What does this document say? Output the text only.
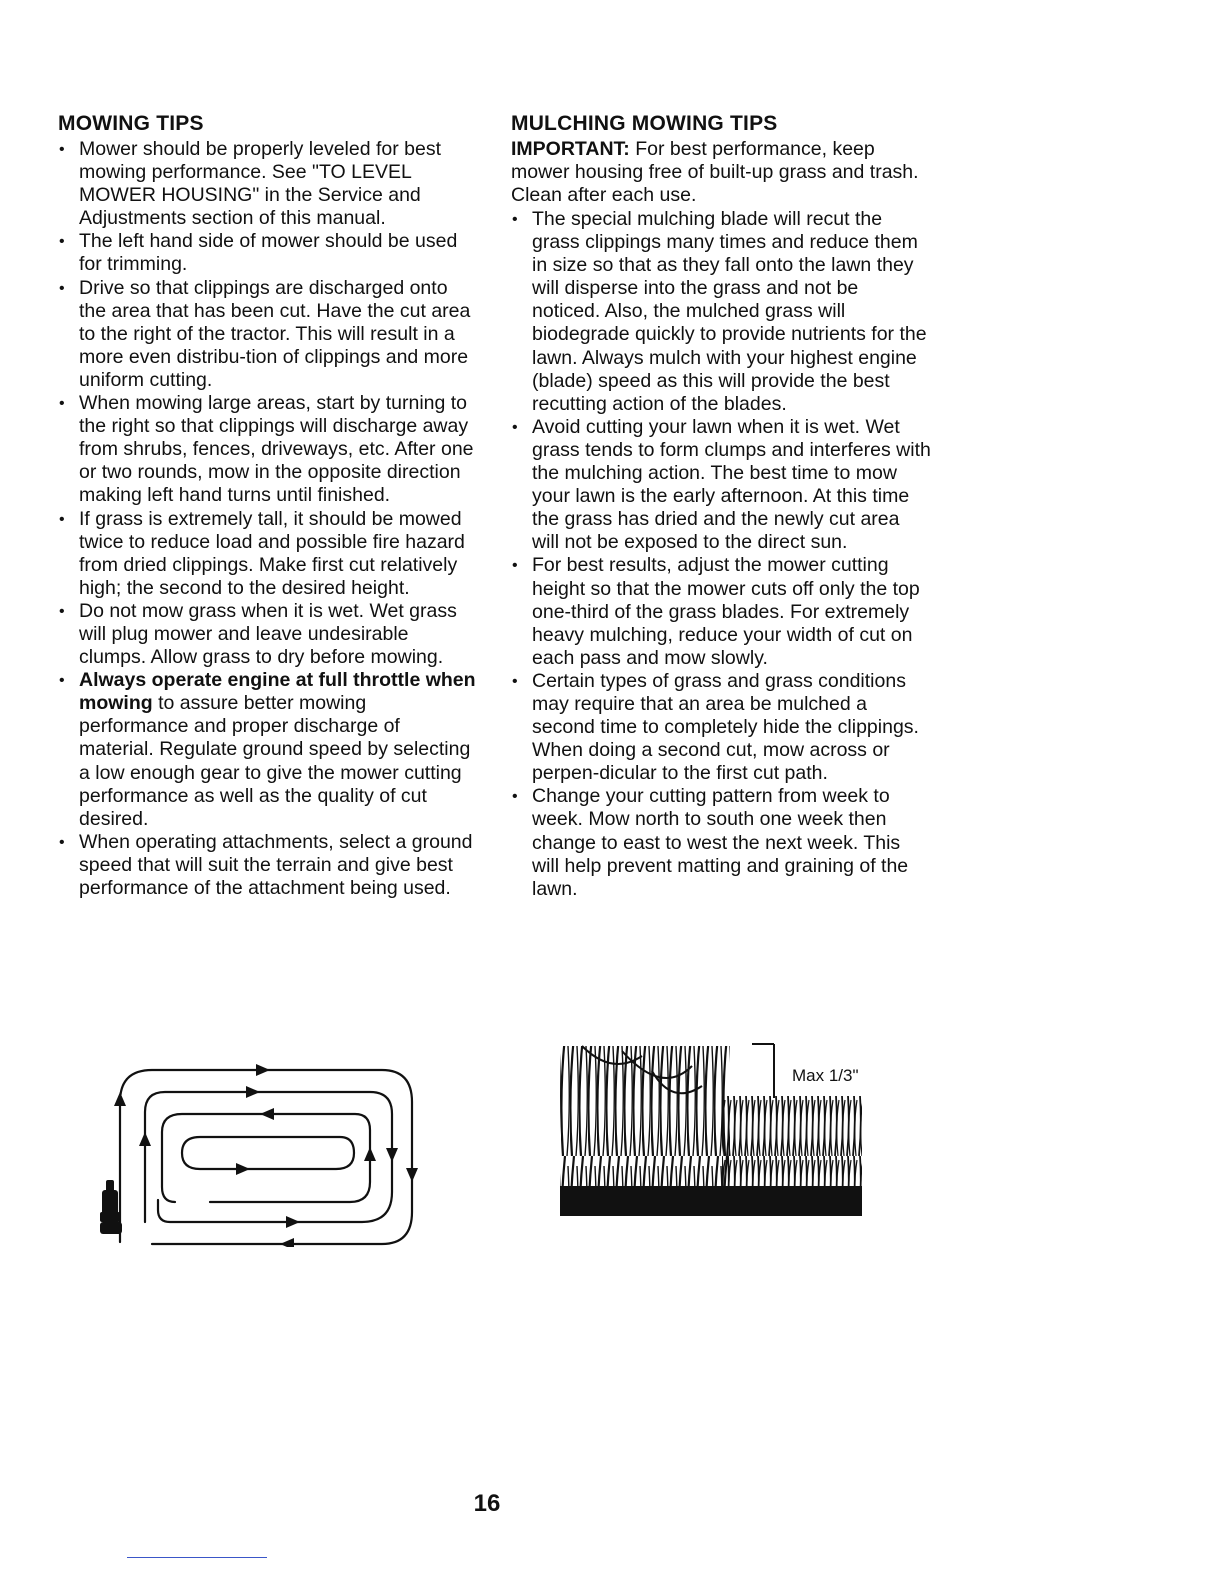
MOWING TIPS
• Mower should be properly leveled for best mowing performance. See "TO LEVEL MOWER HOUSING" in the Service and Adjustments section of this manual.
• The left hand side of mower should be used for trimming.
• Drive so that clippings are discharged onto the area that has been cut. Have the cut area to the right of the tractor. This will result in a more even distribu-tion of clippings and more uniform cutting.
• When mowing large areas, start by turning to the right so that clippings will discharge away from shrubs, fences, driveways, etc. After one or two rounds, mow in the opposite direction making left hand turns until finished.
• If grass is extremely tall, it should be mowed twice to reduce load and possible fire hazard from dried clippings. Make first cut relatively high; the second to the desired height.
• Do not mow grass when it is wet. Wet grass will plug mower and leave undesirable clumps. Allow grass to dry before mowing.
• Always operate engine at full throttle when mowing to assure better mowing performance and proper discharge of material. Regulate ground speed by selecting a low enough gear to give the mower cutting performance as well as the quality of cut desired.
• When operating attachments, select a ground speed that will suit the terrain and give best performance of the attachment being used.
MULCHING MOWING TIPS

IMPORTANT: For best performance, keep mower housing free of built-up grass and trash. Clean after each use.

• The special mulching blade will recut the grass clippings many times and reduce them in size so that as they fall onto the lawn they will disperse into the grass and not be noticed. Also, the mulched grass will biodegrade quickly to provide nutrients for the lawn. Always mulch with your highest engine (blade) speed as this will provide the best recutting action of the blades.
• Avoid cutting your lawn when it is wet. Wet grass tends to form clumps and interferes with the mulching action. The best time to mow your lawn is the early afternoon. At this time the grass has dried and the newly cut area will not be exposed to the direct sun.
• For best results, adjust the mower cutting height so that the mower cuts off only the top one-third of the grass blades. For extremely heavy mulching, reduce your width of cut on each pass and mow slowly.
• Certain types of grass and grass conditions may require that an area be mulched a second time to completely hide the clippings. When doing a second cut, mow across or perpen-dicular to the first cut path.
• Change your cutting pattern from week to week. Mow north to south one week then change to east to west the next week. This will help prevent matting and graining of the lawn.
Max 1/3"
16
